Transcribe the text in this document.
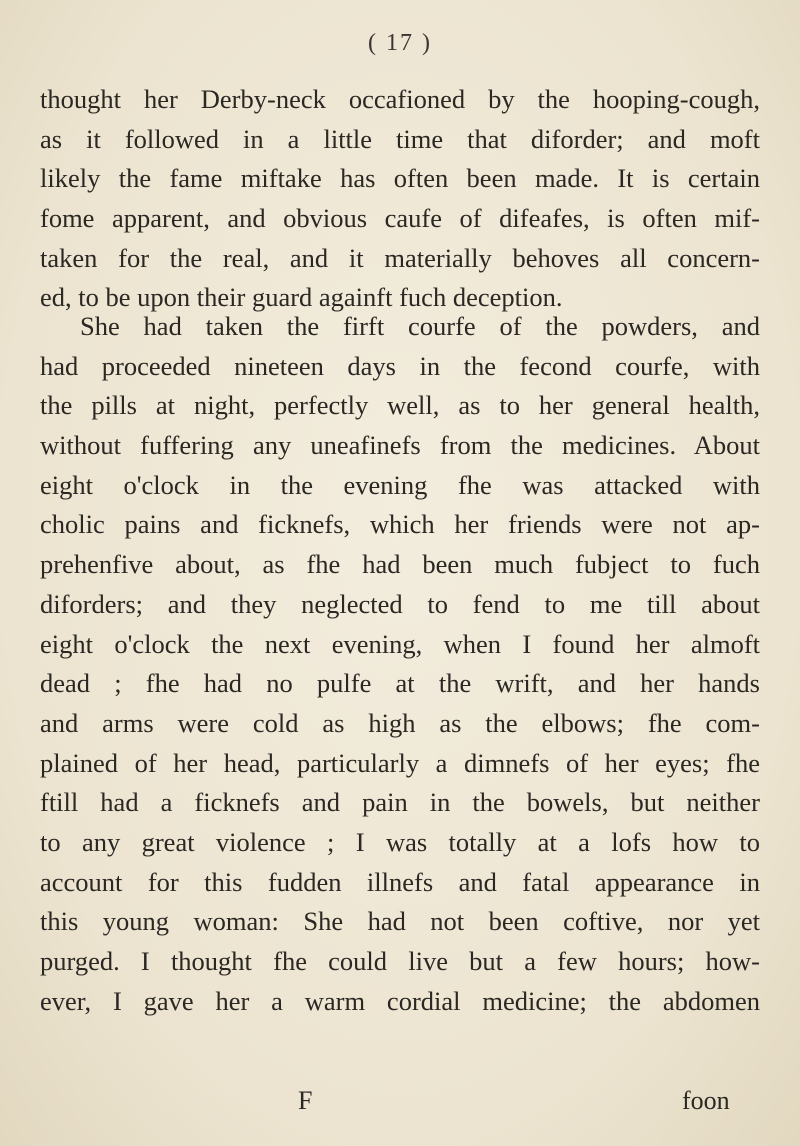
( 17 )
thought her Derby-neck occafioned by the hooping-cough,
as it followed in a little time that diforder; and moft
likely the fame miftake has often been made. It is certain
fome apparent, and obvious caufe of difeafes, is often mif-
taken for the real, and it materially behoves all concern-
ed, to be upon their guard againft fuch deception.
She had taken the firft courfe of the powders, and
had proceeded nineteen days in the fecond courfe, with
the pills at night, perfectly well, as to her general health,
without fuffering any uneafinefs from the medicines. About
eight o'clock in the evening fhe was attacked with
cholic pains and ficknefs, which her friends were not ap-
prehenfive about, as fhe had been much fubject to fuch
diforders; and they neglected to fend to me till about
eight o'clock the next evening, when I found her almoft
dead ; fhe had no pulfe at the wrift, and her hands
and arms were cold as high as the elbows; fhe com-
plained of her head, particularly a dimnefs of her eyes; fhe
ftill had a ficknefs and pain in the bowels, but neither
to any great violence ; I was totally at a lofs how to
account for this fudden illnefs and fatal appearance in
this young woman: She had not been coftive, nor yet
purged. I thought fhe could live but a few hours; how-
ever, I gave her a warm cordial medicine; the abdomen
F	foon
